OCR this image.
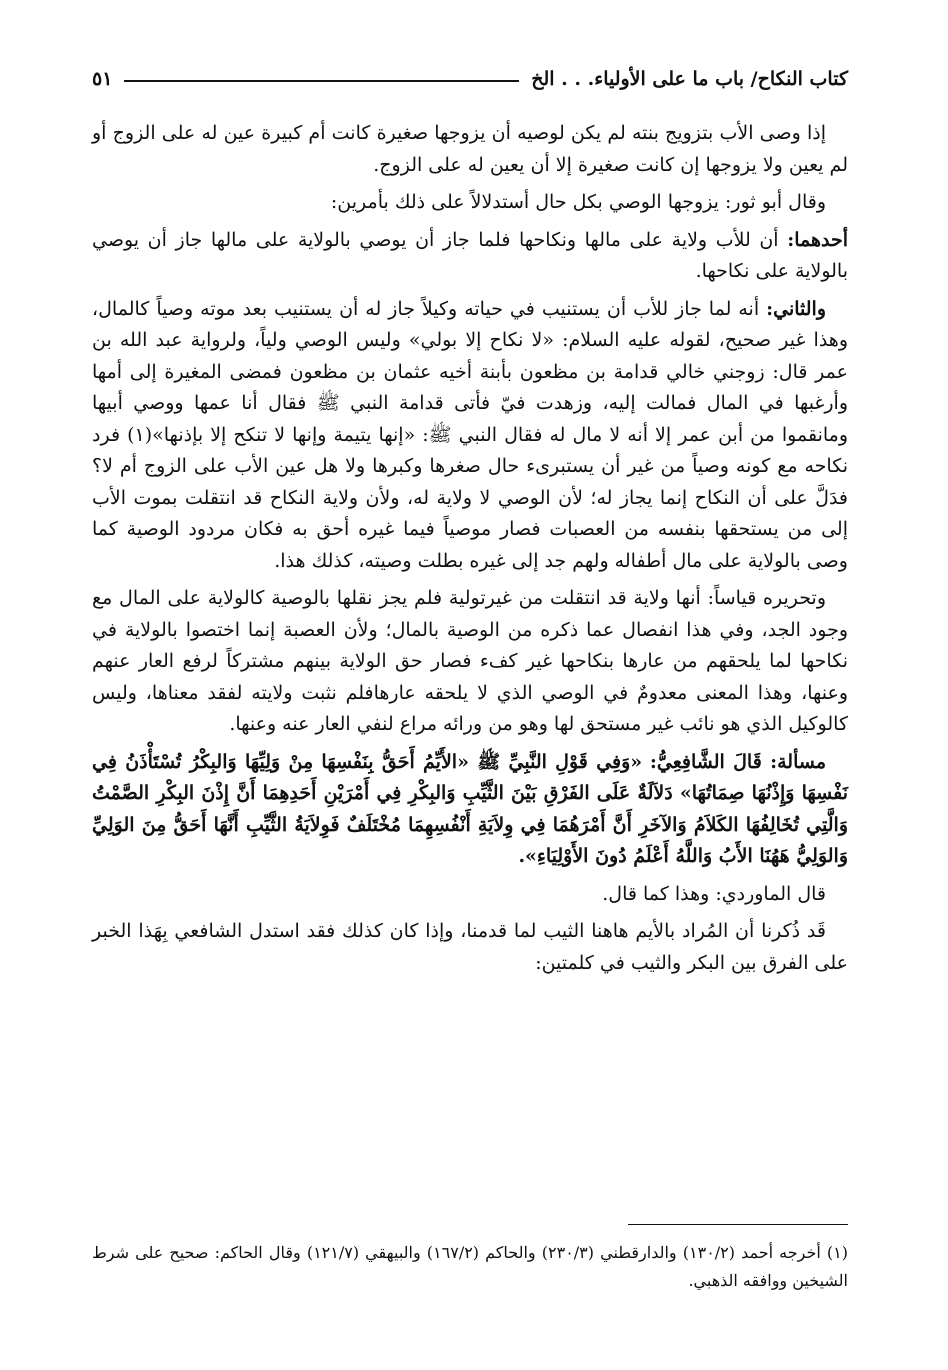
كتاب النكاح/ باب ما على الأولياء. . . الخ
٥١

إذا وصى الأب بتزويج بنته لم يكن لوصيه أن يزوجها صغيرة كانت أم كبيرة عين له على الزوج أو لم يعين ولا يزوجها إن كانت صغيرة إلا أن يعين له على الزوج.

وقال أبو ثور: يزوجها الوصي بكل حال أستدلالاً على ذلك بأمرين:

أحدهما: أن للأب ولاية على مالها ونكاحها فلما جاز أن يوصي بالولاية على مالها جاز أن يوصي بالولاية على نكاحها.

والثاني: أنه لما جاز للأب أن يستنيب في حياته وكيلاً جاز له أن يستنيب بعد موته وصياً كالمال، وهذا غير صحيح، لقوله عليه السلام: «لا نكاح إلا بولي» وليس الوصي ولياً، ولرواية عبد الله بن عمر قال: زوجني خالي قدامة بن مظعون بأبنة أخيه عثمان بن مظعون فمضى المغيرة إلى أمها وأرغبها في المال فمالت إليه، وزهدت فيّ فأتى قدامة النبي ﷺ فقال أنا عمها ووصي أبيها ومانقموا من أبن عمر إلا أنه لا مال له فقال النبي ﷺ: «إنها يتيمة وإنها لا تنكح إلا بإذنها»(١) فرد نكاحه مع كونه وصياً من غير أن يستبرىء حال صغرها وكبرها ولا هل عين الأب على الزوج أم لا؟ فدَلَّ على أن النكاح إنما يجاز له؛ لأن الوصي لا ولاية له، ولأن ولاية النكاح قد انتقلت بموت الأب إلى من يستحقها بنفسه من العصبات فصار موصياً فيما غيره أحق به فكان مردود الوصية كما وصى بالولاية على مال أطفاله ولهم جد إلى غيره بطلت وصيته، كذلك هذا.

وتحريره قياساً: أنها ولاية قد انتقلت من غيرتولية فلم يجز نقلها بالوصية كالولاية على المال مع وجود الجد، وفي هذا انفصال عما ذكره من الوصية بالمال؛ ولأن العصبة إنما اختصوا بالولاية في نكاحها لما يلحقهم من عارها بنكاحها غير كفء فصار حق الولاية بينهم مشتركاً لرفع العار عنهم وعنها، وهذا المعنى معدومٌ في الوصي الذي لا يلحقه عارهافلم نثبت ولايته لفقد معناها، وليس كالوكيل الذي هو نائب غير مستحق لها وهو من ورائه مراع لنفي العار عنه وعنها.

مسألة: قَالَ الشَّافِعِيُّ: «وَفِي قَوْلِ النَّبِيِّ ﷺ «الأَيِّمُ أَحَقُّ بِنَفْسِهَا مِنْ وَلِيِّهَا وَالبِكْرُ تُسْتَأْذَنُ فِي نَفْسِهَا وَإِذْنُهَا صِمَاتُهَا» دَلاَلَةٌ عَلَى الفَرْقِ بَيْنَ الثَّيِّبِ وَالبِكْرِ فِي أَمْرَيْنِ أَحَدِهِمَا أَنَّ إِذْنَ البِكْرِ الصَّمْتُ وَالَّتِي تُخَالِفُهَا الكَلاَمُ وَالآخَرِ أَنَّ أَمْرَهُمَا فِي وِلاَيَةِ أَنْفُسِهِمَا مُخْتَلَفٌ فَوِلاَيَةُ الثَّيِّبِ أَنَّهَا أَحَقُّ مِنَ الوَلِيِّ وَالوَلِيُّ هَهُنَا الأَبُ وَاللَّهُ أَعْلَمُ دُونَ الأَوْلِيَاءِ».

قال الماوردي: وهذا كما قال.

قَد ذُكرنا أن المُراد بالأيم هاهنا الثيب لما قدمنا، وإذا كان كذلك فقد استدل الشافعي بِهَذا الخبر على الفرق بين البكر والثيب في كلمتين:

(١) أخرجه أحمد (١٣٠/٢) والدارقطني (٢٣٠/٣) والحاكم (١٦٧/٢) والبيهقي (١٢١/٧) وقال الحاكم: صحيح على شرط الشيخين ووافقه الذهبي.
